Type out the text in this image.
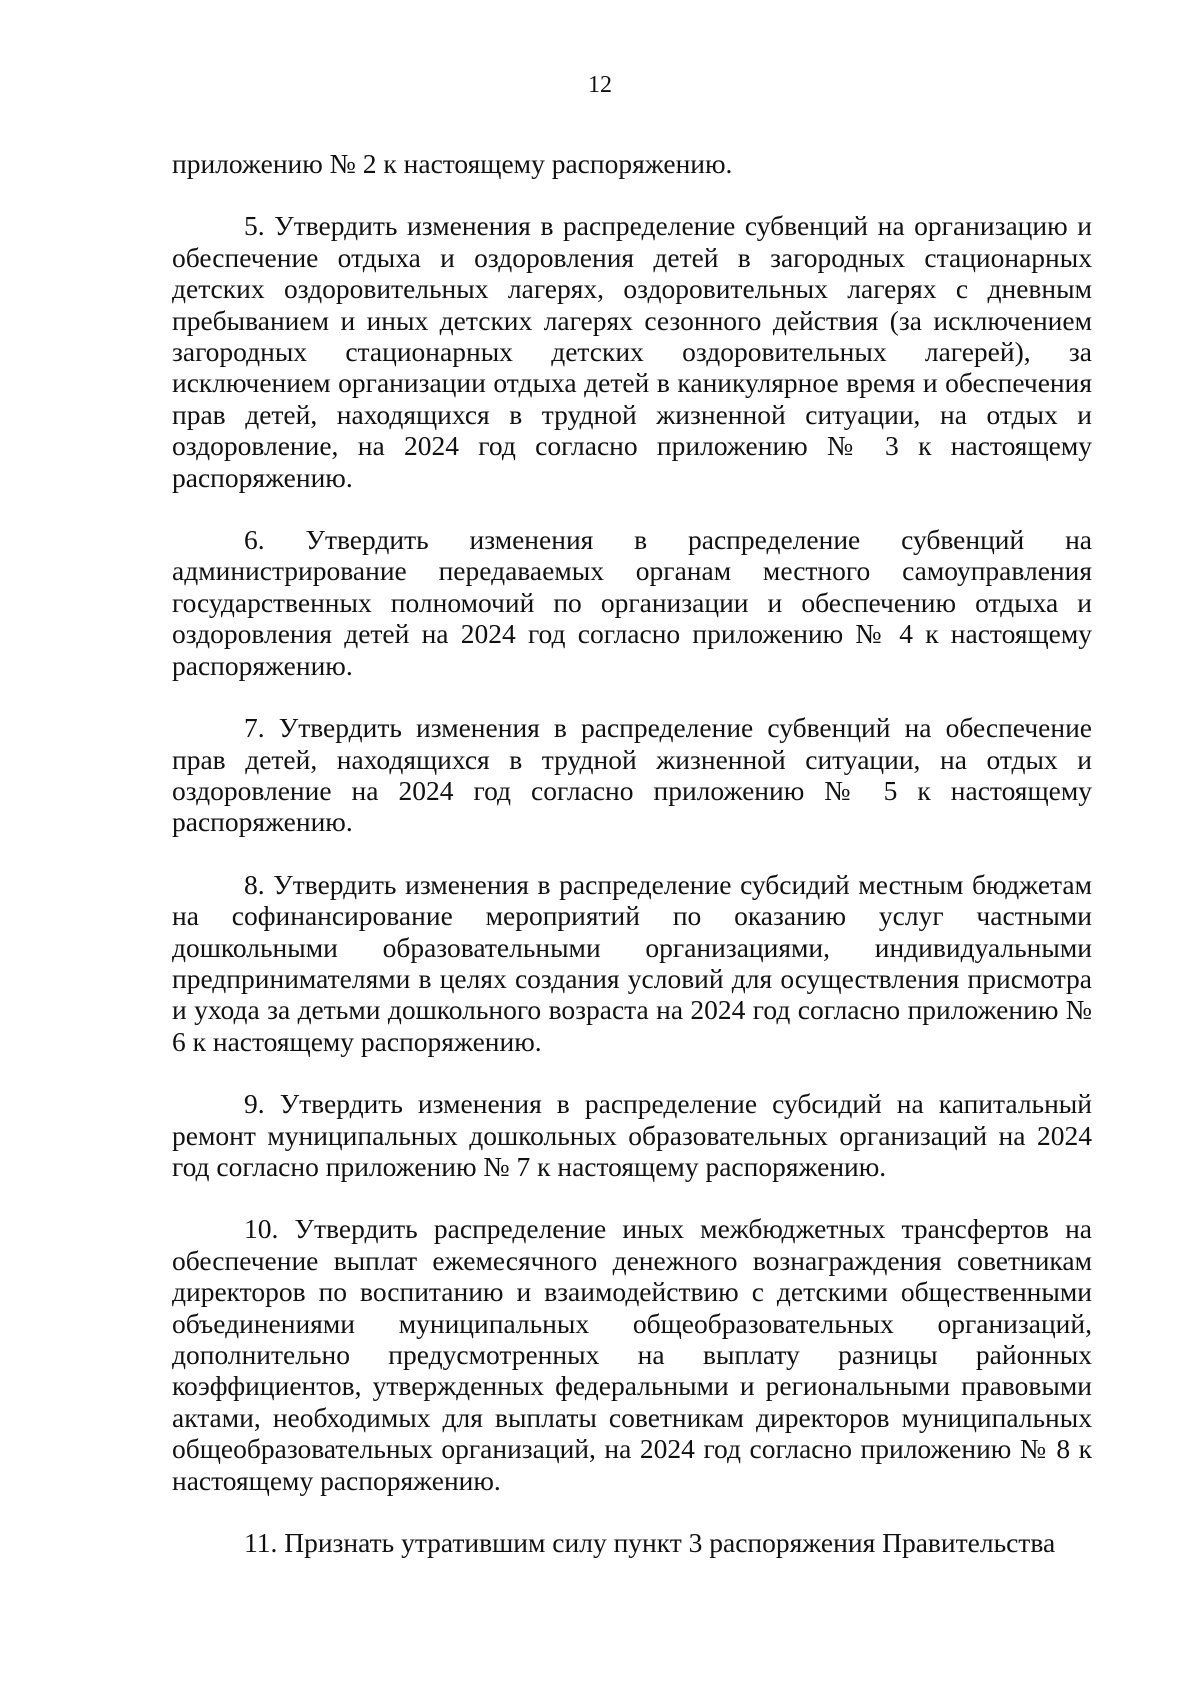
12

приложению № 2 к настоящему распоряжению.

5. Утвердить изменения в распределение субвенций на организацию и обеспечение отдыха и оздоровления детей в загородных стационарных детских оздоровительных лагерях, оздоровительных лагерях с дневным пребыванием и иных детских лагерях сезонного действия (за исключением загородных стационарных детских оздоровительных лагерей), за исключением организации отдыха детей в каникулярное время и обеспечения прав детей, находящихся в трудной жизненной ситуации, на отдых и оздоровление, на 2024 год согласно приложению № 3 к настоящему распоряжению.

6. Утвердить изменения в распределение субвенций на администрирование передаваемых органам местного самоуправления государственных полномочий по организации и обеспечению отдыха и оздоровления детей на 2024 год согласно приложению № 4 к настоящему распоряжению.

7. Утвердить изменения в распределение субвенций на обеспечение прав детей, находящихся в трудной жизненной ситуации, на отдых и оздоровление на 2024 год согласно приложению № 5 к настоящему распоряжению.

8. Утвердить изменения в распределение субсидий местным бюджетам на софинансирование мероприятий по оказанию услуг частными дошкольными образовательными организациями, индивидуальными предпринимателями в целях создания условий для осуществления присмотра и ухода за детьми дошкольного возраста на 2024 год согласно приложению № 6 к настоящему распоряжению.

9. Утвердить изменения в распределение субсидий на капитальный ремонт муниципальных дошкольных образовательных организаций на 2024 год согласно приложению № 7 к настоящему распоряжению.

10. Утвердить распределение иных межбюджетных трансфертов на обеспечение выплат ежемесячного денежного вознаграждения советникам директоров по воспитанию и взаимодействию с детскими общественными объединениями муниципальных общеобразовательных организаций, дополнительно предусмотренных на выплату разницы районных коэффициентов, утвержденных федеральными и региональными правовыми актами, необходимых для выплаты советникам директоров муниципальных общеобразовательных организаций, на 2024 год согласно приложению № 8 к настоящему распоряжению.

11. Признать утратившим силу пункт 3 распоряжения Правительства
